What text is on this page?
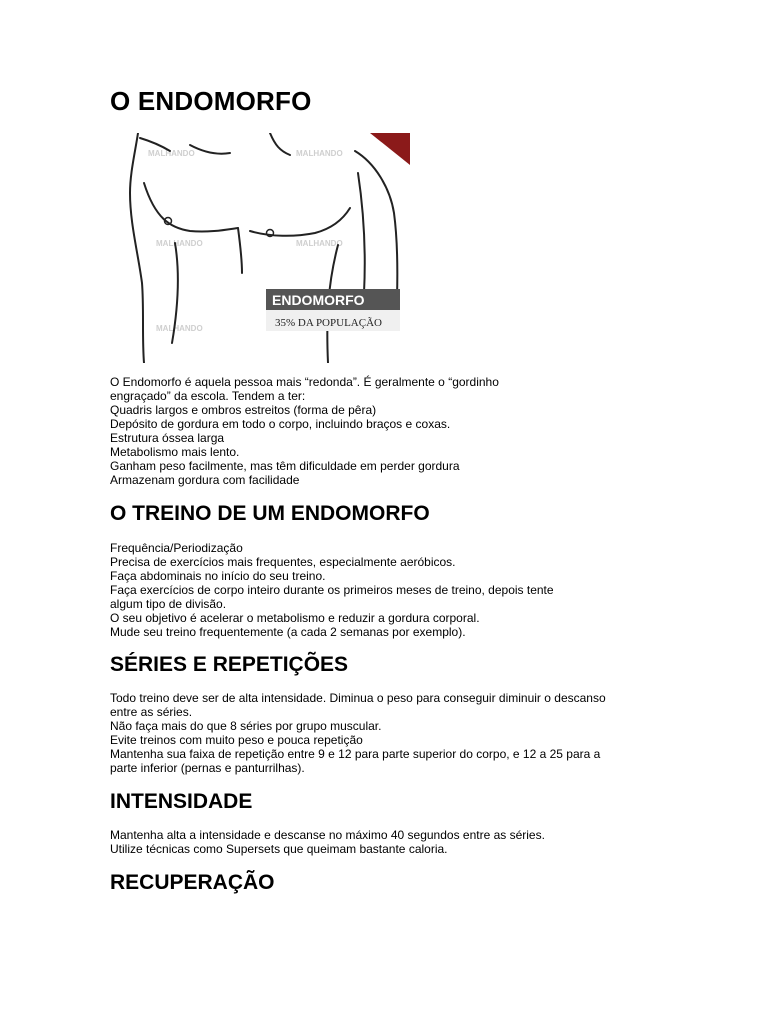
O ENDOMORFO
MALHANDO	MALHANDO
MALHANDO	MALHANDO
MALHANDO
ENDOMORFO
35% DA POPULAÇÃO
O Endomorfo é aquela pessoa mais “redonda”. É geralmente o “gordinho
engraçado” da escola. Tendem a ter:
Quadris largos e ombros estreitos (forma de pêra)
Depósito de gordura em todo o corpo, incluindo braços e coxas.
Estrutura óssea larga
Metabolismo mais lento.
Ganham peso facilmente, mas têm dificuldade em perder gordura
Armazenam gordura com facilidade
O TREINO DE UM ENDOMORFO
Frequência/Periodização
Precisa de exercícios mais frequentes, especialmente aeróbicos.
Faça abdominais no início do seu treino.
Faça exercícios de corpo inteiro durante os primeiros meses de treino, depois tente
algum tipo de divisão.
O seu objetivo é acelerar o metabolismo e reduzir a gordura corporal.
Mude seu treino frequentemente (a cada 2 semanas por exemplo).
SÉRIES E REPETIÇÕES
Todo treino deve ser de alta intensidade. Diminua o peso para conseguir diminuir o descanso
entre as séries.
Não faça mais do que 8 séries por grupo muscular.
Evite treinos com muito peso e pouca repetição
Mantenha sua faixa de repetição entre 9 e 12 para parte superior do corpo, e 12 a 25 para a
parte inferior (pernas e panturrilhas).
INTENSIDADE
Mantenha alta a intensidade e descanse no máximo 40 segundos entre as séries.
Utilize técnicas como Supersets que queimam bastante caloria.
RECUPERAÇÃO
